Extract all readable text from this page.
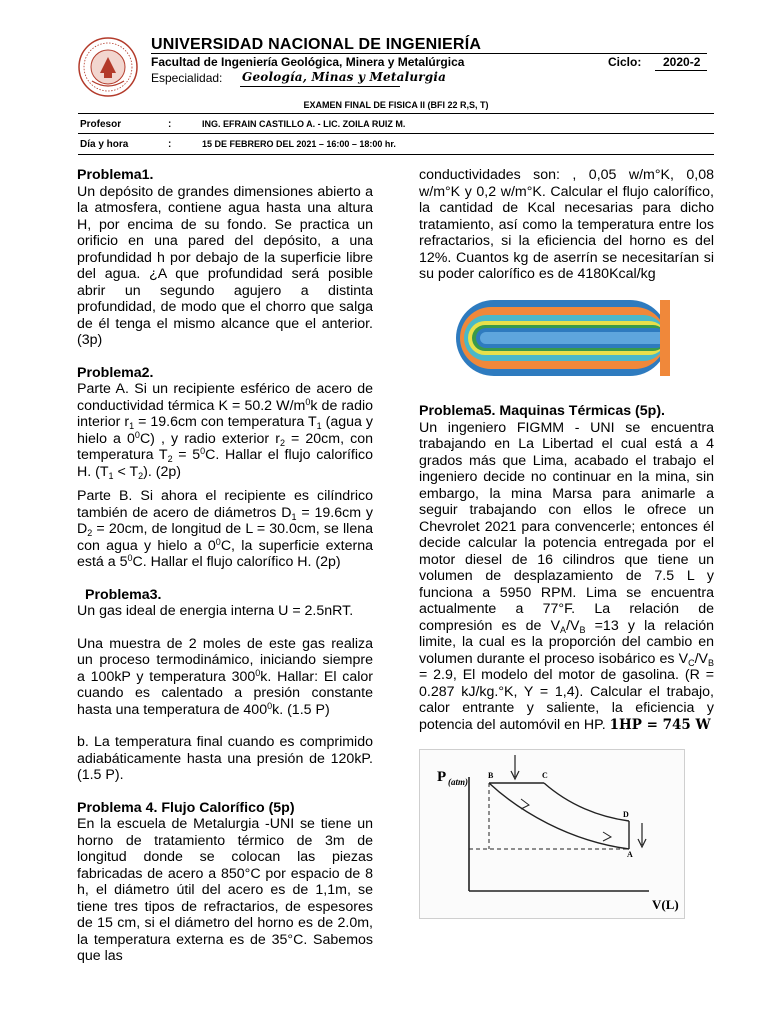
UNIVERSIDAD NACIONAL DE INGENIERÍA
Facultad de Ingeniería Geológica, Minera y Metalúrgica	Ciclo: 2020-2
Especialidad: Geología, Minas y Metalurgia
EXAMEN FINAL DE FISICA II (BFI 22 R,S, T)
Profesor	:	ING. EFRAIN CASTILLO A. - LIC. ZOILA RUIZ M.
Día y hora	:	15 DE FEBRERO DEL 2021 – 16:00 – 18:00 hr.

Problema1.

Un depósito de grandes dimensiones abierto a la atmosfera, contiene agua hasta una altura H, por encima de su fondo. Se practica un orificio en una pared del depósito, a una profundidad h por debajo de la superficie libre del agua. ¿A que profundidad será posible abrir un segundo agujero a distinta profundidad, de modo que el chorro que salga de él tenga el mismo alcance que el anterior. (3p)

Problema2.

Parte A. Si un recipiente esférico de acero de conductividad térmica K = 50.2 $W/m^0k$ de radio interior $r_1 = 19.6cm$ con temperatura $T_1$ (agua y hielo a $0^0C$) , y radio exterior $r_2 = 20cm$, con temperatura $T_2 = 5^0C$. Hallar el flujo calorífico H. $(T_1 < T_2)$. (2p)

Parte B. Si ahora el recipiente es cilíndrico también de acero de diámetros $D_1 = 19.6cm$ y $D_2 = 20cm$, de longitud de L = 30.0cm, se llena con agua y hielo a $0^0C$, la superficie externa está a $5^0C$. Hallar el flujo calorífico H. (2p)

Problema3.

Un gas ideal de energia interna U = 2.5nRT.

Una muestra de 2 moles de este gas realiza un proceso termodinámico, iniciando siempre a 100kP y temperatura $300^0k$. Hallar: El calor cuando es calentado a presión constante hasta una temperatura de $400^0k$. (1.5 P)

b. La temperatura final cuando es comprimido adiabáticamente hasta una presión de 120kP. (1.5 P).

Problema 4. Flujo Calorífico (5p)

En la escuela de Metalurgia -UNI se tiene un horno de tratamiento térmico de 3m de longitud donde se colocan las piezas fabricadas de acero a 850°C por espacio de 8 h, el diámetro útil del acero es de 1,1m, se tiene tres tipos de refractarios, de espesores de 15 cm, si el diámetro del horno es de 2.0m, la temperatura externa es de 35°C. Sabemos que las

conductividades son: , 0,05 w/m°K, 0,08 w/m°K y 0,2 w/m°K. Calcular el flujo calorífico, la cantidad de Kcal necesarias para dicho tratamiento, así como la temperatura entre los refractarios, si la eficiencia del horno es del 12%. Cuantos kg de aserrín se necesitarían si su poder calorífico es de 4180Kcal/kg

Problema5. Maquinas Térmicas (5p).

Un ingeniero FIGMM - UNI se encuentra trabajando en La Libertad el cual está a 4 grados más que Lima, acabado el trabajo el ingeniero decide no continuar en la mina, sin embargo, la mina Marsa para animarle a seguir trabajando con ellos le ofrece un Chevrolet 2021 para convencerle; entonces él decide calcular la potencia entregada por el motor diesel de 16 cilindros que tiene un volumen de desplazamiento de 7.5 L y funciona a 5950 RPM. Lima se encuentra actualmente a 77°F. La relación de compresión es de $V_A/V_B =13$ y la relación limite, la cual es la proporción del cambio en volumen durante el proceso isobárico es $V_C/V_B = 2.9$, El modelo del motor de gasolina. (R = 0.287 kJ/kg.°K, Y = 1,4). Calcular el trabajo, calor entrante y saliente, la eficiencia y potencia del automóvil en HP. 1HP = 745 W

P (atm)
V(L)
B	C
D
A
